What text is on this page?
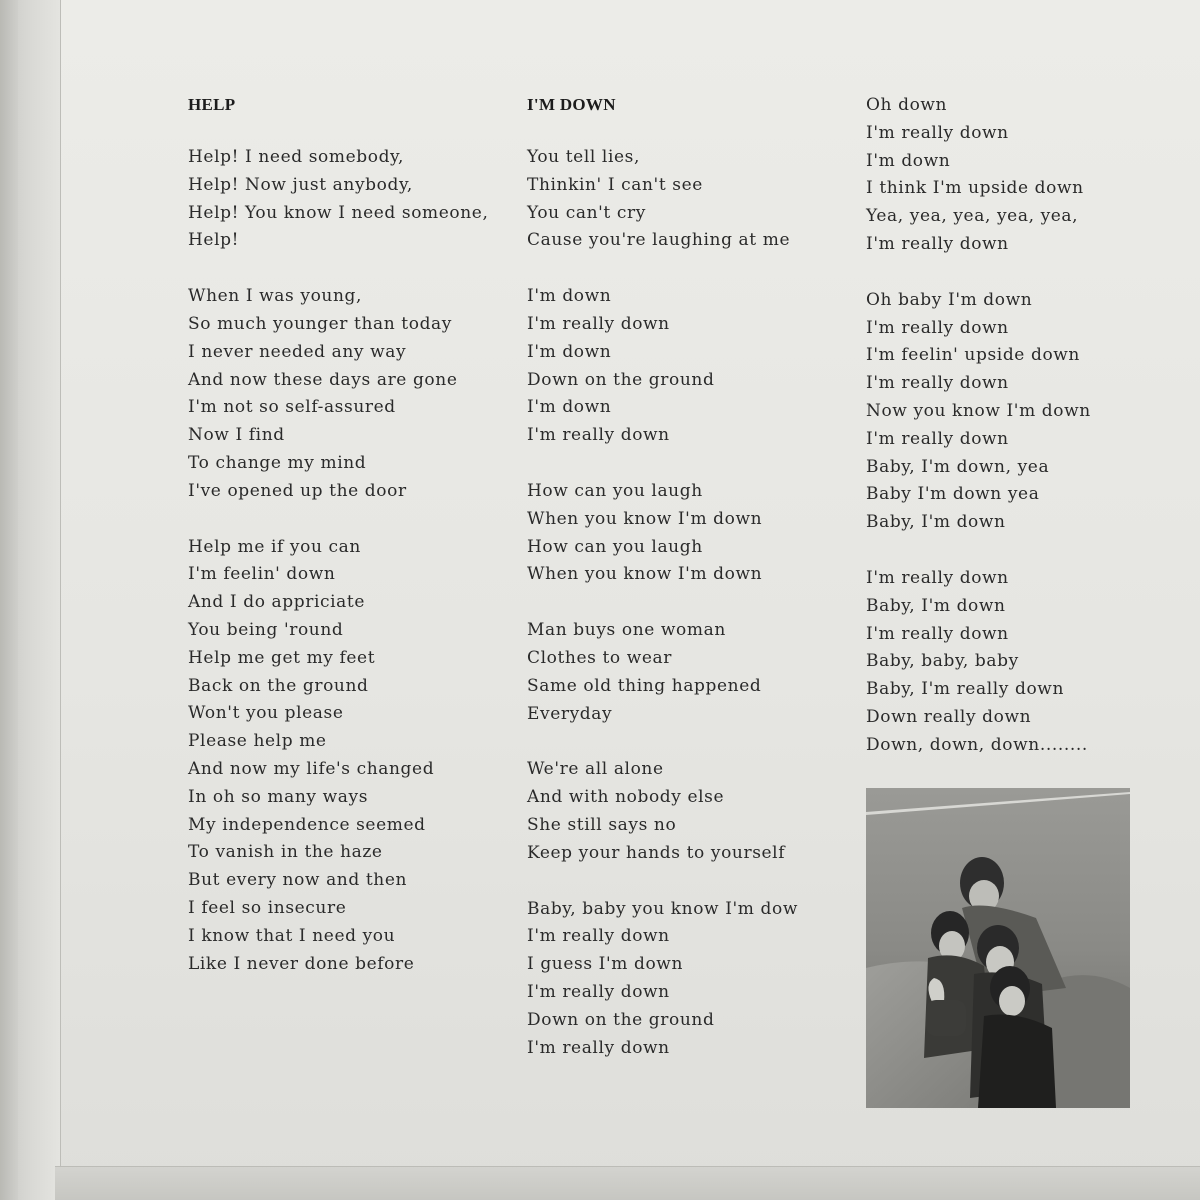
HELP
Help! I need somebody,
Help! Now just anybody,
Help! You know I need someone,
Help!
When I was young,
So much younger than today
I never needed any way
And now these days are gone
I'm not so self-assured
Now I find
To change my mind
I've opened up the door
Help me if you can
I'm feelin' down
And I do appriciate
You being 'round
Help me get my feet
Back on the ground
Won't you please
Please help me
And now my life's changed
In oh so many ways
My independence seemed
To vanish in the haze
But every now and then
I feel so insecure
I know that I need you
Like I never done before
I'M DOWN
You tell lies,
Thinkin' I can't see
You can't cry
Cause you're laughing at me
I'm down
I'm really down
I'm down
Down on the ground
I'm down
I'm really down
How can you laugh
When you know I'm down
How can you laugh
When you know I'm down
Man buys one woman
Clothes to wear
Same old thing happened
Everyday
We're all alone
And with nobody else
She still says no
Keep your hands to yourself
Baby, baby you know I'm dow
I'm really down
I guess I'm down
I'm really down
Down on the ground
I'm really down
Oh down
I'm really down
I'm down
I think I'm upside down
Yea, yea, yea, yea, yea,
I'm really down
Oh baby I'm down
I'm really down
I'm feelin' upside down
I'm really down
Now you know I'm down
I'm really down
Baby, I'm down, yea
Baby I'm down yea
Baby, I'm down
I'm really down
Baby, I'm down
I'm really down
Baby, baby, baby
Baby, I'm really down
Down really down
Down, down, down........
